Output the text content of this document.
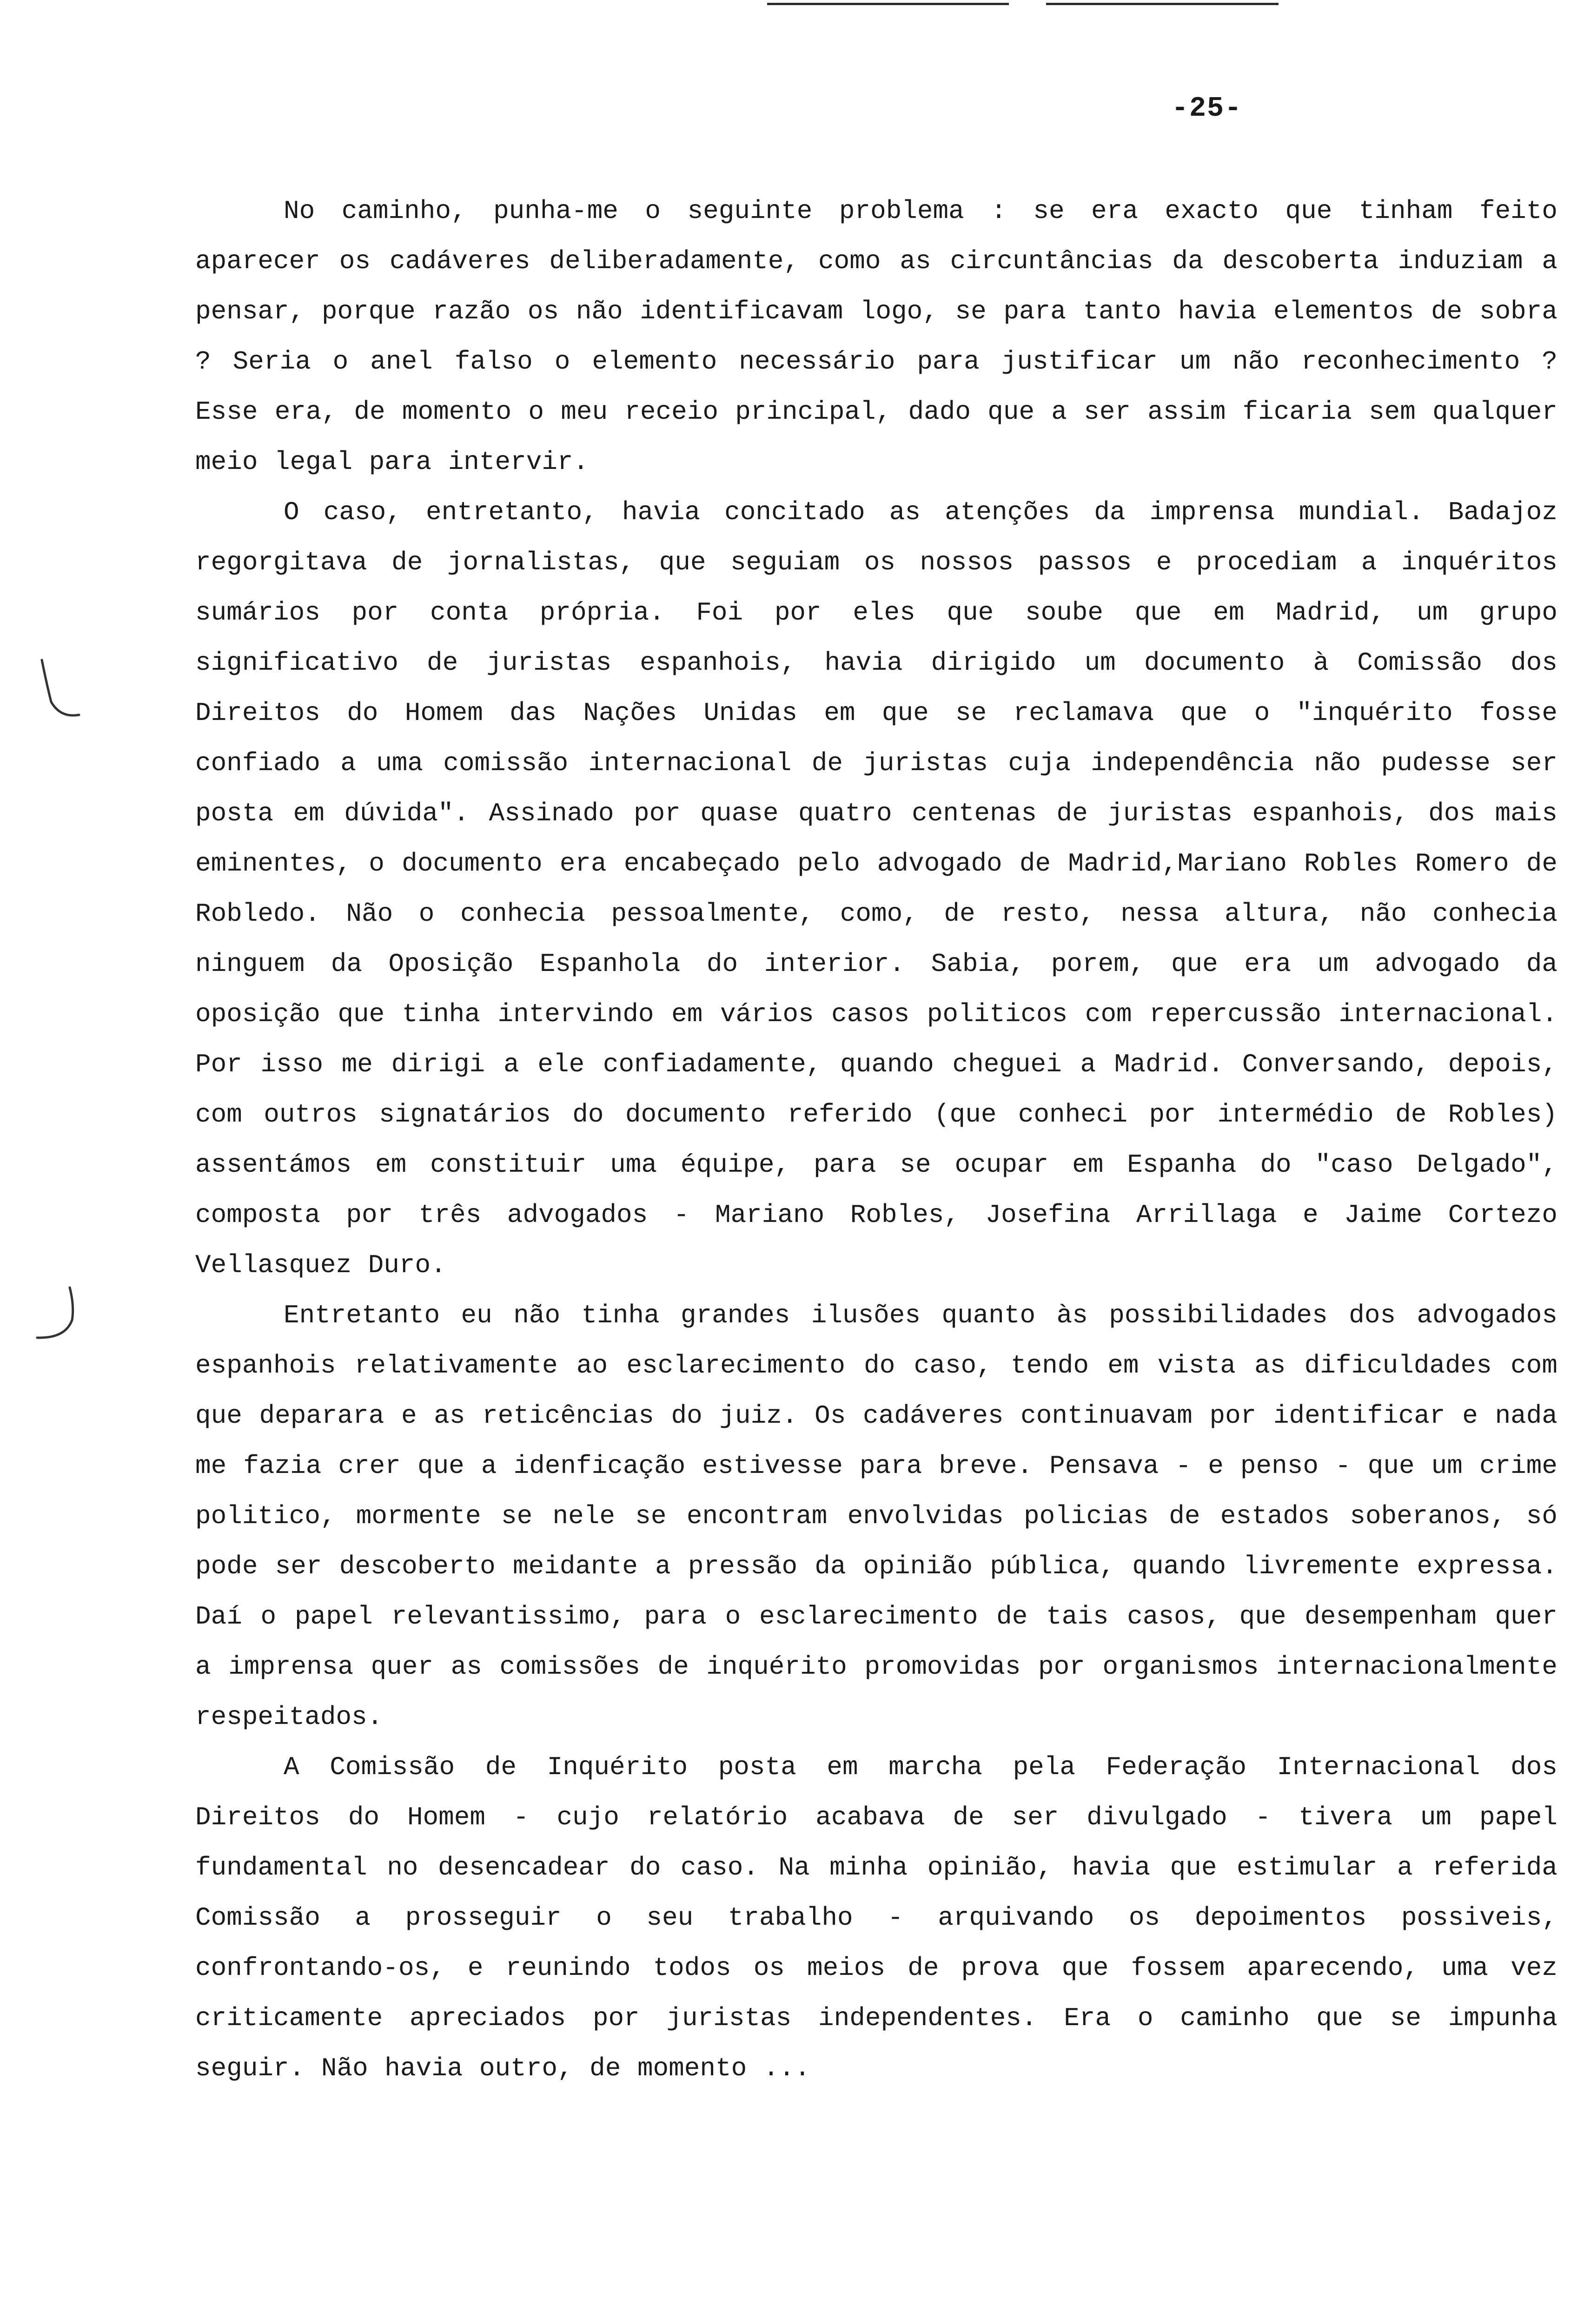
-25-

No caminho, punha-me o seguinte problema : se era exacto que tinham feito aparecer os cadáveres deliberadamente, como as circuntâncias da descoberta induziam a pensar, porque razão os não identificavam logo, se para tanto havia elementos de sobra ? Seria o anel falso o elemento necessário para justificar um não reconhecimento ? Esse era, de momento o meu receio principal, dado que a ser assim ficaria sem qualquer meio legal para intervir.

O caso, entretanto, havia concitado as atenções da imprensa mundial. Badajoz regorgitava de jornalistas, que seguiam os nossos passos e procediam a inquéritos sumários por conta própria. Foi por eles que soube que em Madrid, um grupo significativo de juristas espanhois, havia dirigido um documento à Comissão dos Direitos do Homem das Nações Unidas em que se reclamava que o "inquérito fosse confiado a uma comissão internacional de juristas cuja independência não pudesse ser posta em dúvida". Assinado por quase quatro centenas de juristas espanhois, dos mais eminentes, o documento era encabeçado pelo advogado de Madrid,Mariano Robles Romero de Robledo. Não o conhecia pessoalmente, como, de resto, nessa altura, não conhecia ninguem da Oposição Espanhola do interior. Sabia, porem, que era um advogado da oposição que tinha intervindo em vários casos politicos com repercussão internacional. Por isso me dirigi a ele confiadamente, quando cheguei a Madrid. Conversando, depois, com outros signatários do documento referido (que conheci por intermédio de Robles) assentámos em constituir uma équipe, para se ocupar em Espanha do "caso Delgado", composta por três advogados - Mariano Robles, Josefina Arrillaga e Jaime Cortezo Vellasquez Duro.

Entretanto eu não tinha grandes ilusões quanto às possibilidades dos advogados espanhois relativamente ao esclarecimento do caso, tendo em vista as dificuldades com que deparara e as reticências do juiz. Os cadáveres continuavam por identificar e nada me fazia crer que a idenficação estivesse para breve. Pensava - e penso - que um crime politico, mormente se nele se encontram envolvidas policias de estados soberanos, só pode ser descoberto meidante a pressão da opinião pública, quando livremente expressa. Daí o papel relevantissimo, para o esclarecimento de tais casos, que desempenham quer a imprensa quer as comissões de inquérito promovidas por organismos internacionalmente respeitados.

A Comissão de Inquérito posta em marcha pela Federação Internacional dos Direitos do Homem - cujo relatório acabava de ser divulgado - tivera um papel fundamental no desencadear do caso. Na minha opinião, havia que estimular a referida Comissão a prosseguir o seu trabalho - arquivando os depoimentos possiveis, confrontando-os, e reunindo todos os meios de prova que fossem aparecendo, uma vez criticamente apreciados por juristas independentes. Era o caminho que se impunha seguir. Não havia outro, de momento ...
